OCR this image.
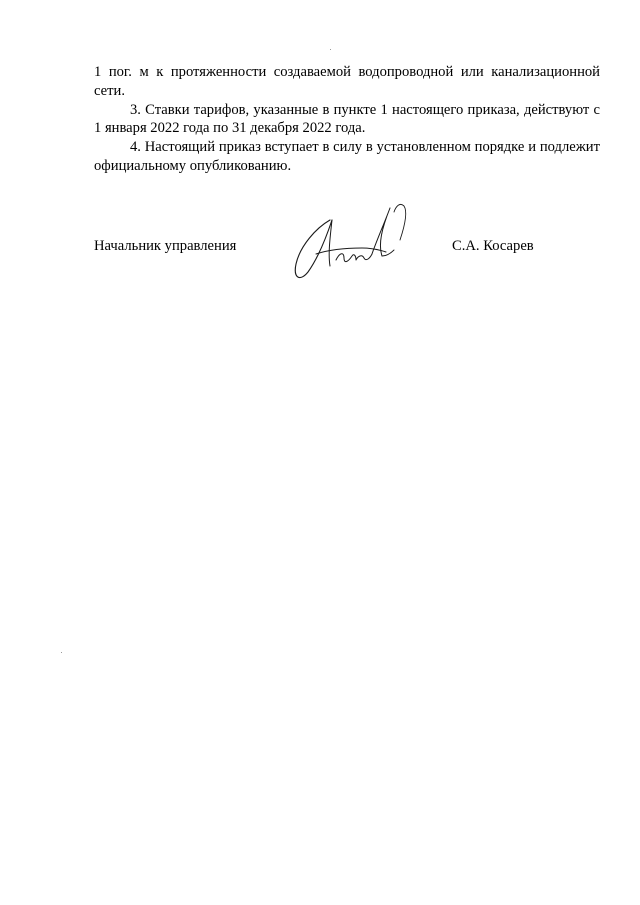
1 пог. м к протяженности создаваемой водопроводной или канализационной сети.

3. Ставки тарифов, указанные в пункте 1 настоящего приказа, действуют с 1 января 2022 года по 31 декабря 2022 года.

4. Настоящий приказ вступает в силу в установленном порядке и подлежит официальному опубликованию.

Начальник управления	С.А. Косарев
